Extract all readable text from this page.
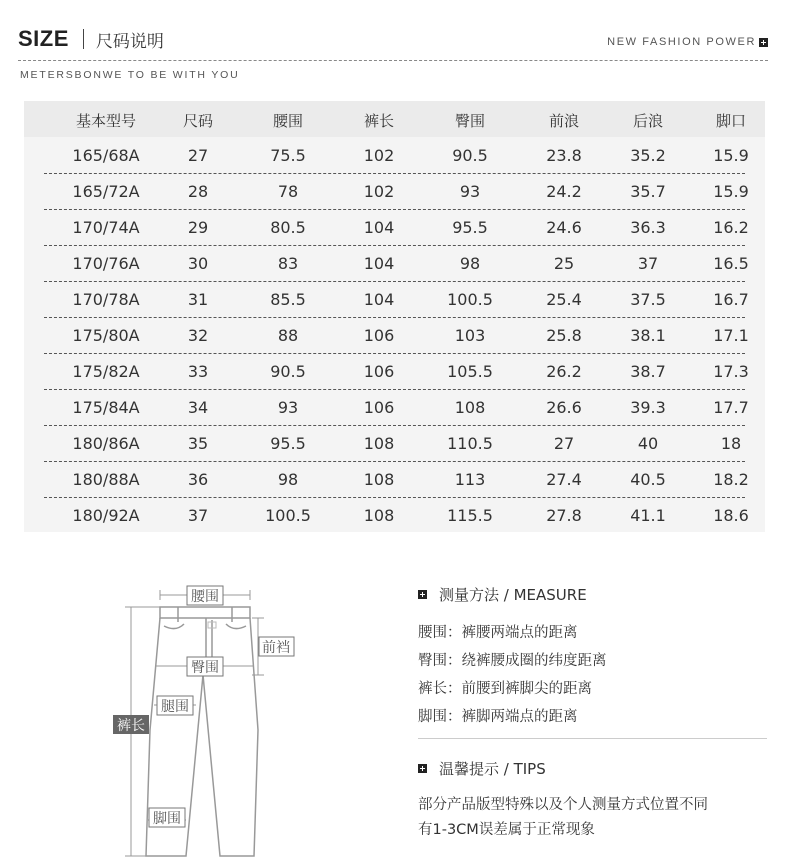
SIZE 尺码说明	NEW FASHION POWER
METERSBONWE TO BE WITH YOU
基本型号	尺码	腰围	裤长	臀围	前浪	后浪	脚口
165/68A	27	75.5	102	90.5	23.8	35.2	15.9
165/72A	28	78	102	93	24.2	35.7	15.9
170/74A	29	80.5	104	95.5	24.6	36.3	16.2
170/76A	30	83	104	98	25	37	16.5
170/78A	31	85.5	104	100.5	25.4	37.5	16.7
175/80A	32	88	106	103	25.8	38.1	17.1
175/82A	33	90.5	106	105.5	26.2	38.7	17.3
175/84A	34	93	106	108	26.6	39.3	17.7
180/86A	35	95.5	108	110.5	27	40	18
180/88A	36	98	108	113	27.4	40.5	18.2
180/92A	37	100.5	108	115.5	27.8	41.1	18.6
腰围
前裆
臀围
腿围
裤长
脚围
测量方法 / MEASURE
腰围：裤腰两端点的距离
臀围：绕裤腰成圈的纬度距离
裤长：前腰到裤脚尖的距离
脚围：裤脚两端点的距离
温馨提示 / TIPS
部分产品版型特殊以及个人测量方式位置不同
有1-3CM误差属于正常现象
